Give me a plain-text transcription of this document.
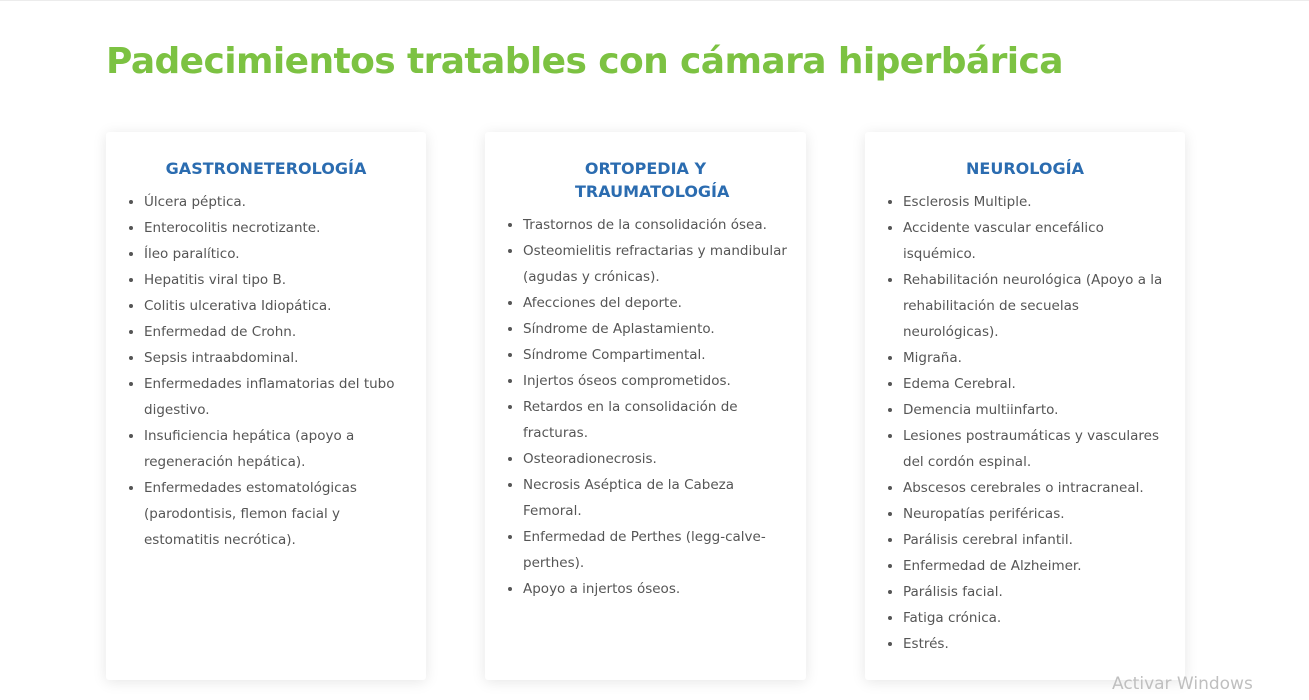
Padecimientos tratables con cámara hiperbárica
GASTRONETEROLOGÍA
Úlcera péptica.
Enterocolitis necrotizante.
Íleo paralítico.
Hepatitis viral tipo B.
Colitis ulcerativa Idiopática.
Enfermedad de Crohn.
Sepsis intraabdominal.
Enfermedades inflamatorias del tubo digestivo.
Insuficiencia hepática (apoyo a regeneración hepática).
Enfermedades estomatológicas (parodontisis, flemon facial y estomatitis necrótica).
ORTOPEDIA Y TRAUMATOLOGÍA
Trastornos de la consolidación ósea.
Osteomielitis refractarias y mandibular (agudas y crónicas).
Afecciones del deporte.
Síndrome de Aplastamiento.
Síndrome Compartimental.
Injertos óseos comprometidos.
Retardos en la consolidación de fracturas.
Osteoradionecrosis.
Necrosis Aséptica de la Cabeza Femoral.
Enfermedad de Perthes (legg-calve-perthes).
Apoyo a injertos óseos.
NEUROLOGÍA
Esclerosis Multiple.
Accidente vascular encefálico isquémico.
Rehabilitación neurológica (Apoyo a la rehabilitación de secuelas neurológicas).
Migraña.
Edema Cerebral.
Demencia multiinfarto.
Lesiones postraumáticas y vasculares del cordón espinal.
Abscesos cerebrales o intracraneal.
Neuropatías periféricas.
Parálisis cerebral infantil.
Enfermedad de Alzheimer.
Parálisis facial.
Fatiga crónica.
Estrés.
Activar Windows
